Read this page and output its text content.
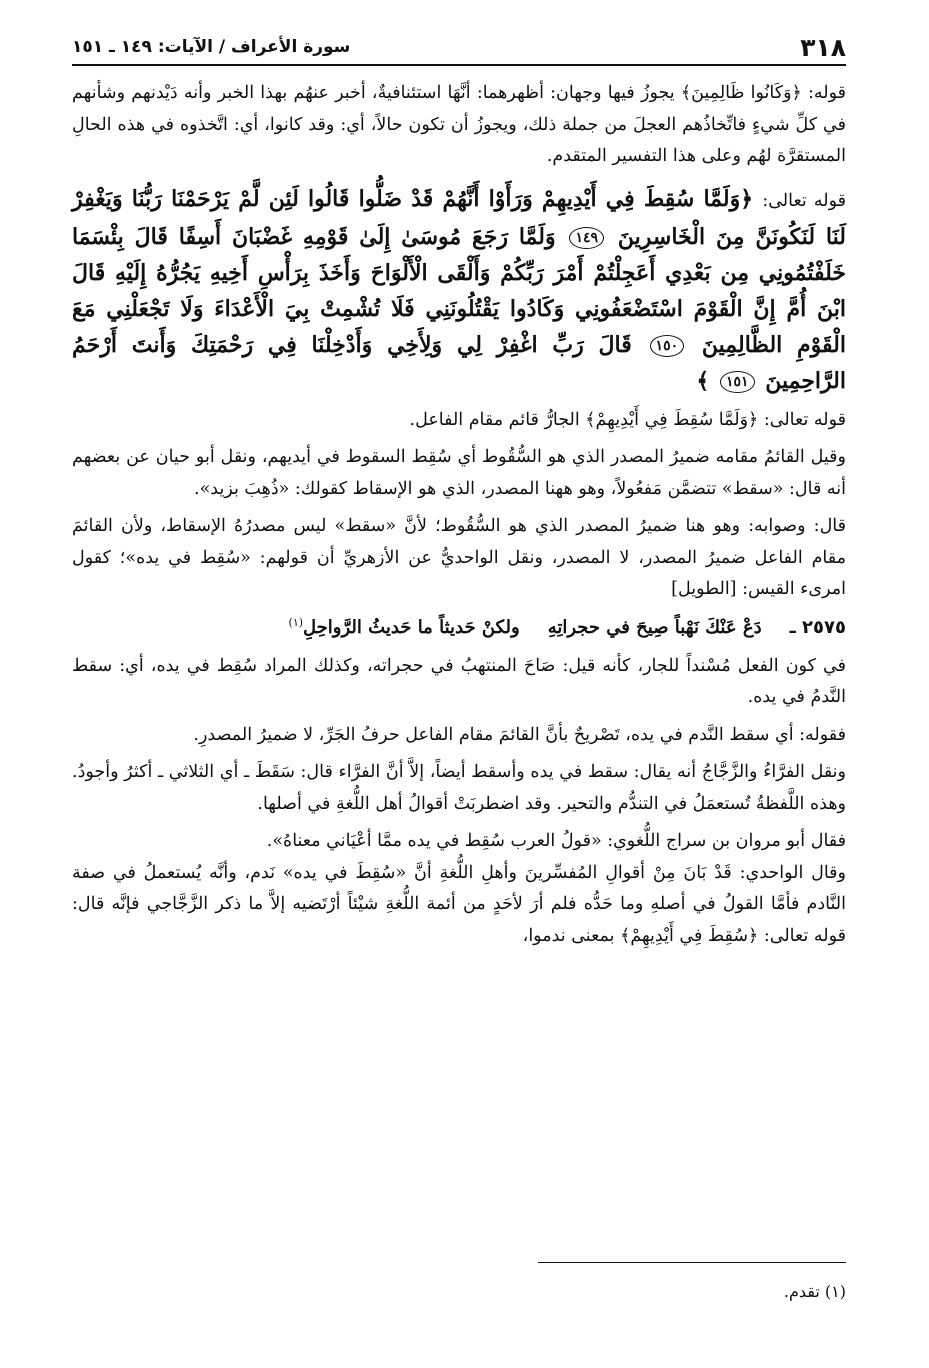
٣١٨
سورة الأعراف / الآيات: ١٤٩ ـ ١٥١

قوله: ﴿وَكَانُوا ظَالِمِينَ﴾ يجوزُ فيها وجهان: أظهرهما: أنَّهَا استئنافيةٌ، أخبر عنهُم بهذا الخبر وأنه دَيْدنهم وشأنهم في كلِّ شيءٍ فاتِّخاذُهم العجلَ من جملة ذلك، ويجوزُ أن تكون حالاً، أي: وقد كانوا، أي: اتَّخذوه في هذه الحالِ المستقرَّة لهُم وعلى هذا التفسير المتقدم.

قوله تعالى: ﴿وَلَمَّا سُقِطَ فِي أَيْدِيهِمْ وَرَأَوْا أَنَّهُمْ قَدْ ضَلُّوا قَالُوا لَئِن لَّمْ يَرْحَمْنَا رَبُّنَا وَيَغْفِرْ لَنَا لَنَكُونَنَّ مِنَ الْخَاسِرِينَ ١٤٩ وَلَمَّا رَجَعَ مُوسَىٰ إِلَىٰ قَوْمِهِ غَضْبَانَ أَسِفًا قَالَ بِئْسَمَا خَلَفْتُمُونِي مِن بَعْدِي أَعَجِلْتُمْ أَمْرَ رَبِّكُمْ وَأَلْقَى الْأَلْوَاحَ وَأَخَذَ بِرَأْسِ أَخِيهِ يَجُرُّهُ إِلَيْهِ قَالَ ابْنَ أُمَّ إِنَّ الْقَوْمَ اسْتَضْعَفُونِي وَكَادُوا يَقْتُلُونَنِي فَلَا تُشْمِتْ بِيَ الْأَعْدَاءَ وَلَا تَجْعَلْنِي مَعَ الْقَوْمِ الظَّالِمِينَ ١٥٠ قَالَ رَبِّ اغْفِرْ لِي وَلِأَخِي وَأَدْخِلْنَا فِي رَحْمَتِكَ وَأَنتَ أَرْحَمُ الرَّاحِمِينَ ١٥١ ﴾

قوله تعالى: ﴿وَلَمَّا سُقِطَ فِي أَيْدِيهِمْ﴾ الجارُّ قائم مقام الفاعل.

وقيل القائمُ مقامه ضميرُ المصدر الذي هو السُّقُوط أي سُقِط السقوط في أيديهم، ونقل أبو حيان عن بعضهم أنه قال: «سقط» تتضمَّن مَفعُولاً، وهو ههنا المصدر، الذي هو الإسقاط كقولك: «ذُهِبَ بزيد».

قال: وصوابه: وهو هنا ضميرُ المصدر الذي هو السُّقُوط؛ لأنَّ «سقط» ليس مصدرُهُ الإسقاط، ولأن القائمَ مقام الفاعل ضميرُ المصدر، لا المصدر، ونقل الواحديُّ عن الأزهريِّ أن قولهم: «سُقِط في يده»؛ كقول امرىء القيس: [الطويل]

٢٥٧٥ ـ
دَعْ عَنْكَ نَهْباً صِيحَ في حجراتِهِ
ولكنْ حَديثاً ما حَديثُ الرَّواحِلِ$^{(١)}$

في كون الفعل مُسْنداً للجار، كأنه قيل: صَاحَ المنتهبُ في حجراته، وكذلك المراد سُقِط في يده، أي: سقط النَّدمُ في يده.

فقوله: أي سقط النَّدم في يده، تَصْريحٌ بأنَّ القائمَ مقام الفاعل حرفُ الجَرِّ، لا ضميرُ المصدرِ.

ونقل الفرَّاءُ والزَّجَّاجُ أنه يقال: سقط في يده وأسقط أيضاً، إلاَّ أنَّ الفرَّاء قال: سَقَطَ ـ أي الثلاثي ـ أكثرُ وأجودُ. وهذه اللَّفظةُ تُستعمَلُ في التندُّم والتحير. وقد اضطربَتْ أقوالُ أهل اللُّغةِ في أصلها.

فقال أبو مروان بن سراج اللُّغوي: «قولُ العرب سُقِط في يده ممَّا أعْيَاني معناهُ».

وقال الواحدي: قَدْ بَانَ مِنْ أقوالِ المُفسِّرينَ وأهلِ اللُّغةِ أنَّ «سُقِطَ في يده» نَدم، وأنَّه يُستعملُ في صفة النَّادم فأمَّا القولُ في أصلهِ وما حَدُّه فلم أرَ لأحَدٍ من أئمة اللُّغةِ شيْئاً أرْتَضيه إلاَّ ما ذكر الزَّجَّاجي فإنَّه قال: قوله تعالى: ﴿سُقِطَ فِي أَيْدِيهِمْ﴾ بمعنى ندموا،

(١) تقدم.
